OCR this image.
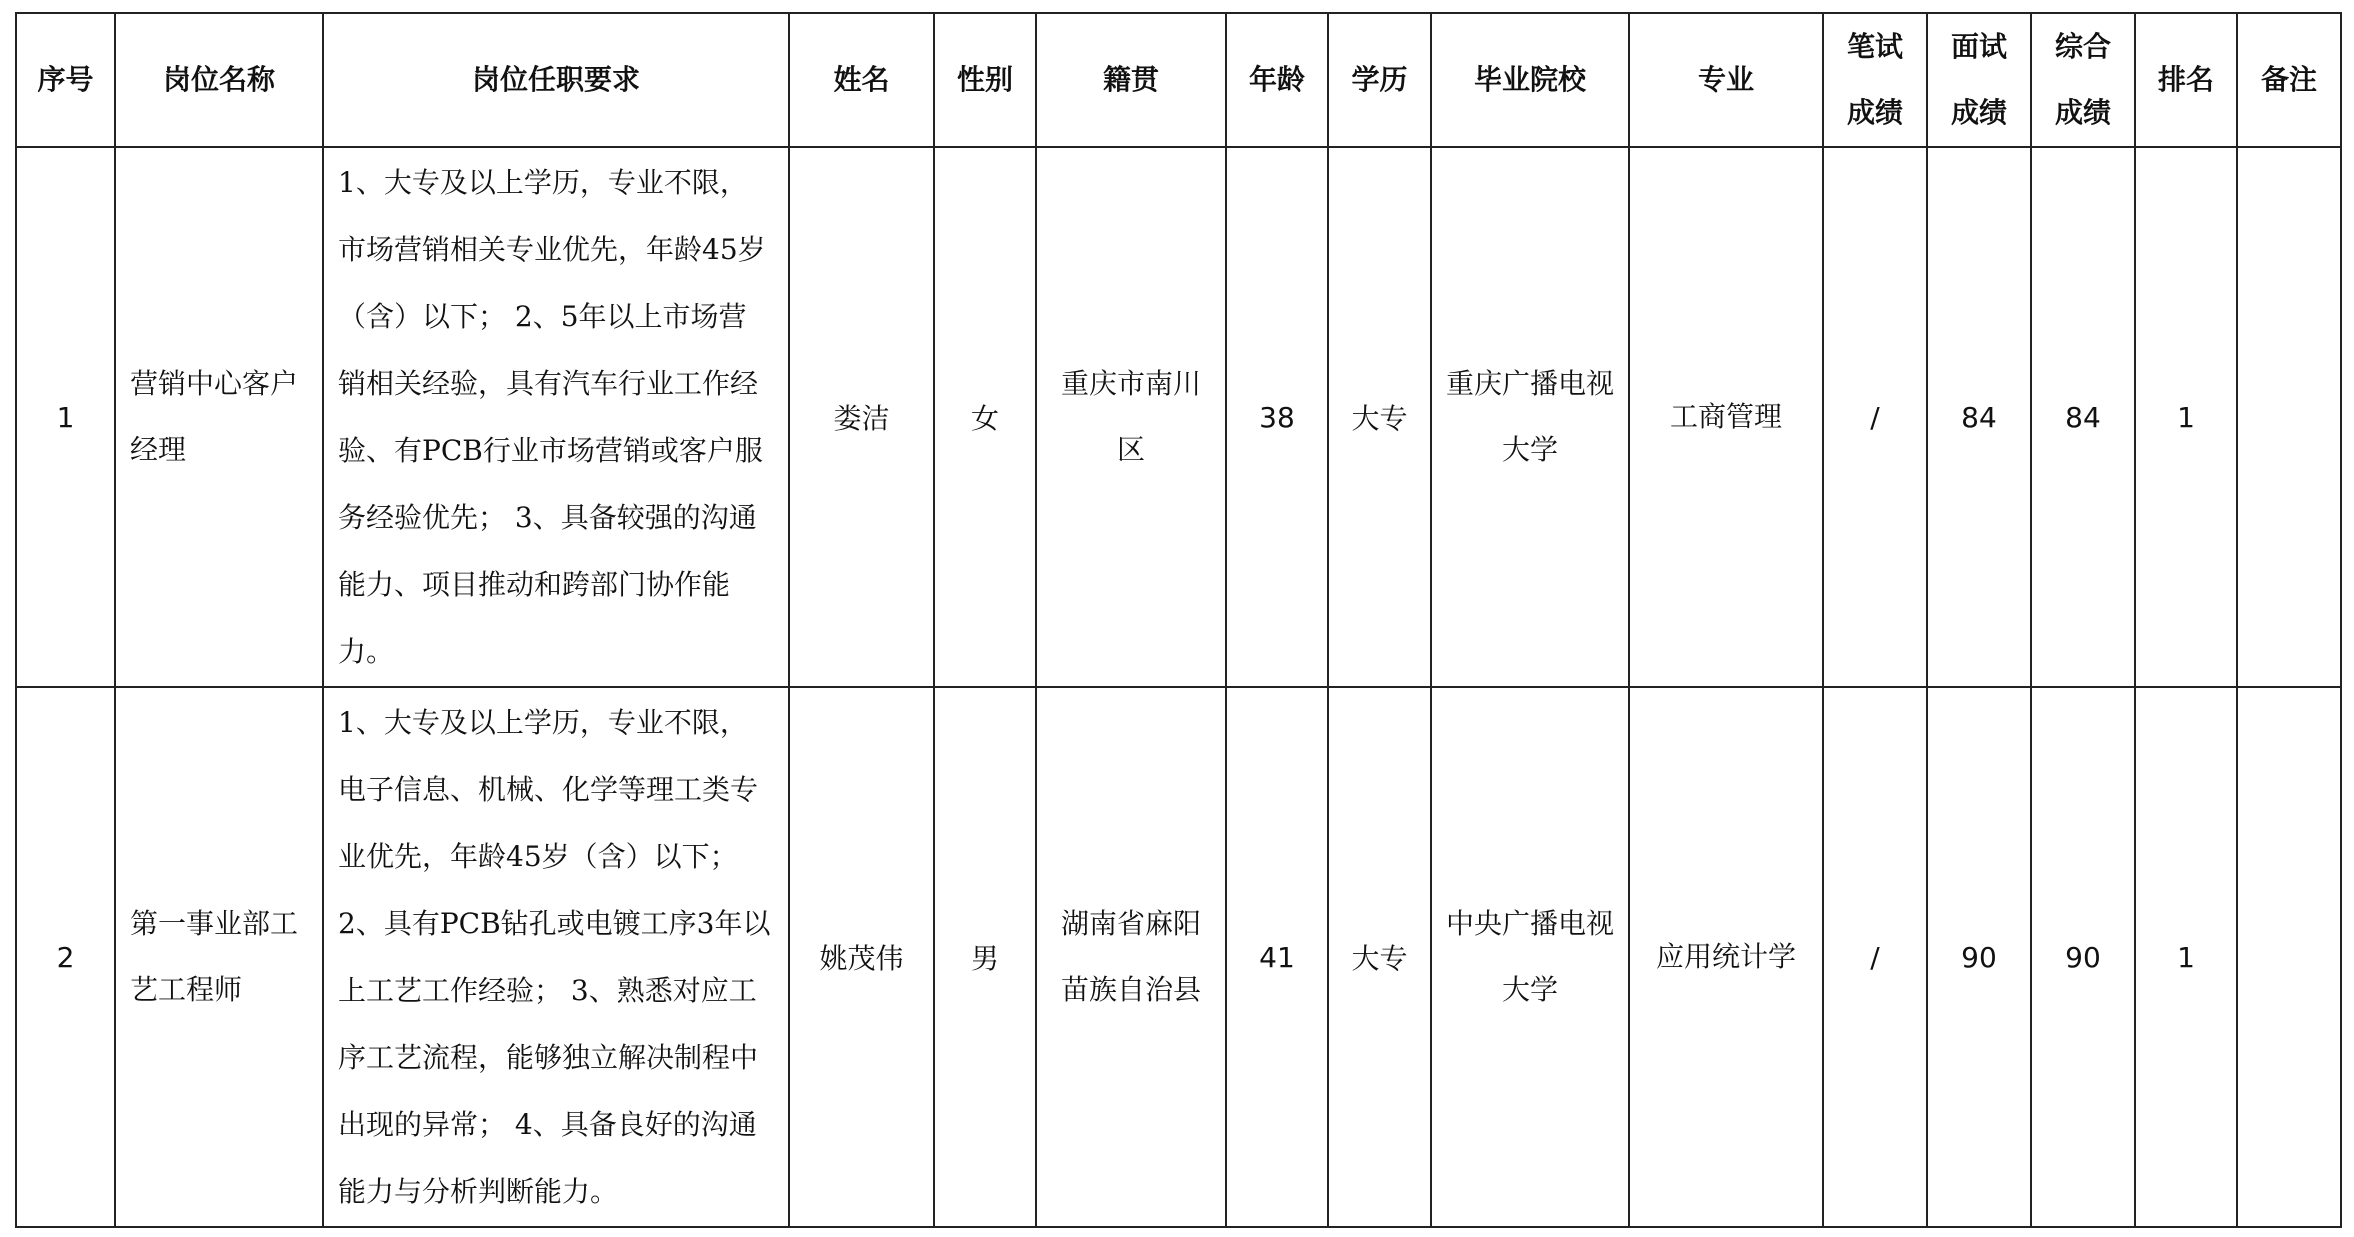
序号	岗位名称	岗位任职要求	姓名	性别	籍贯	年龄	学历	毕业院校	专业	笔试成绩	面试成绩	综合成绩	排名	备注
1	营销中心客户经理	1、大专及以上学历，专业不限，市场营销相关专业优先，年龄45岁（含）以下； 2、5年以上市场营销相关经验，具有汽车行业工作经验、有PCB行业市场营销或客户服务经验优先； 3、具备较强的沟通能力、项目推动和跨部门协作能力。	娄洁	女	重庆市南川区	38	大专	重庆广播电视大学	工商管理	/	84	84	1	
2	第一事业部工艺工程师	1、大专及以上学历，专业不限，电子信息、机械、化学等理工类专业优先，年龄45岁（含）以下； 2、具有PCB钻孔或电镀工序3年以上工艺工作经验； 3、熟悉对应工序工艺流程，能够独立解决制程中出现的异常； 4、具备良好的沟通能力与分析判断能力。	姚茂伟	男	湖南省麻阳苗族自治县	41	大专	中央广播电视大学	应用统计学	/	90	90	1	
